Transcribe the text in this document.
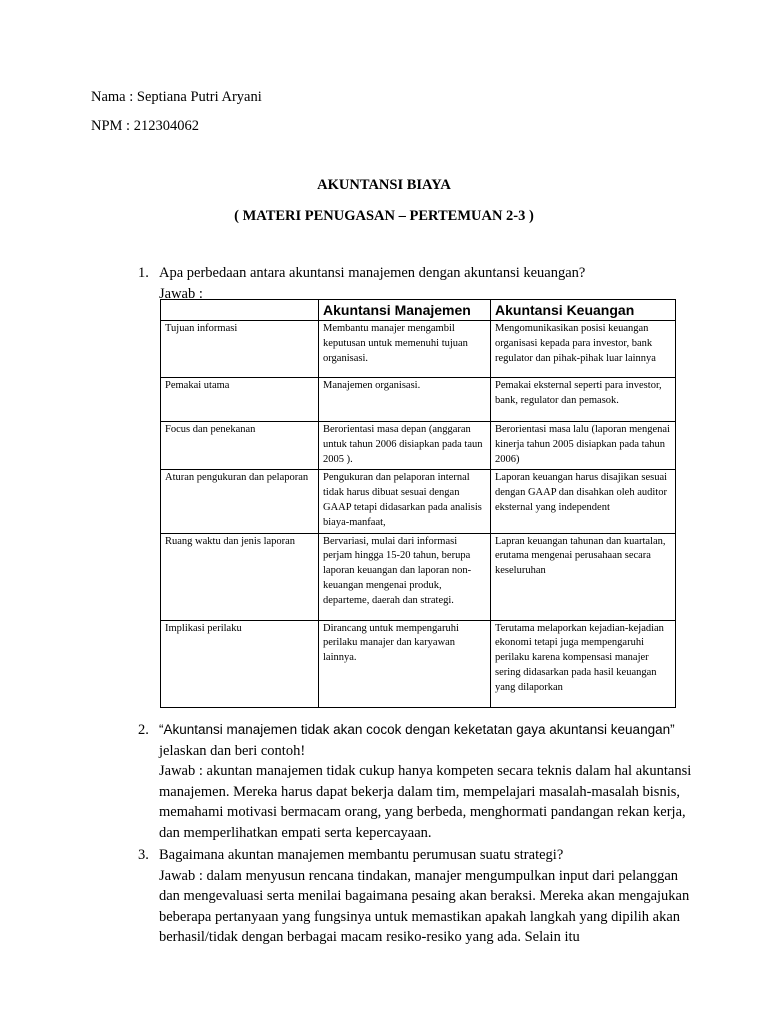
Nama : Septiana Putri Aryani
NPM : 212304062
AKUNTANSI BIAYA
( MATERI PENUGASAN – PERTEMUAN 2-3 )
1. Apa perbedaan antara akuntansi manajemen dengan akuntansi keuangan?
Jawab :
	Akuntansi Manajemen	Akuntansi Keuangan
Tujuan informasi	Membantu manajer mengambil keputusan untuk memenuhi tujuan organisasi.	Mengomunikasikan posisi keuangan organisasi kepada para investor, bank regulator dan pihak-pihak luar lainnya
Pemakai utama	Manajemen organisasi.	Pemakai eksternal seperti para investor, bank, regulator dan pemasok.
Focus dan penekanan	Berorientasi masa depan (anggaran untuk tahun 2006 disiapkan pada taun 2005 ).	Berorientasi masa lalu (laporan mengenai kinerja tahun 2005 disiapkan pada tahun 2006)
Aturan pengukuran dan pelaporan	Pengukuran dan pelaporan internal tidak harus dibuat sesuai dengan GAAP tetapi didasarkan pada analisis biaya-manfaat,	Laporan keuangan harus disajikan sesuai dengan GAAP dan disahkan oleh auditor eksternal yang independent
Ruang waktu dan jenis laporan	Bervariasi, mulai dari informasi perjam hingga 15-20 tahun, berupa laporan keuangan dan laporan non-keuangan mengenai produk, departeme, daerah dan strategi.	Lapran keuangan tahunan dan kuartalan, erutama mengenai perusahaan secara keseluruhan
Implikasi perilaku	Dirancang untuk mempengaruhi perilaku manajer dan karyawan lainnya.	Terutama melaporkan kejadian-kejadian ekonomi tetapi juga mempengaruhi perilaku karena kompensasi manajer sering didasarkan pada hasil keuangan yang dilaporkan
2. “Akuntansi manajemen tidak akan cocok dengan keketatan gaya akuntansi keuangan”
jelaskan dan beri contoh!
Jawab : akuntan manajemen tidak cukup hanya kompeten secara teknis dalam hal akuntansi manajemen. Mereka harus dapat bekerja dalam tim, mempelajari masalah-masalah bisnis, memahami motivasi bermacam orang, yang berbeda, menghormati pandangan rekan kerja, dan memperlihatkan empati serta kepercayaan.
3. Bagaimana akuntan manajemen membantu perumusan suatu strategi?
Jawab : dalam menyusun rencana tindakan, manajer mengumpulkan input dari pelanggan dan mengevaluasi serta menilai bagaimana pesaing akan beraksi. Mereka akan mengajukan beberapa pertanyaan yang fungsinya untuk memastikan apakah langkah yang dipilih akan berhasil/tidak dengan berbagai macam resiko-resiko yang ada. Selain itu
